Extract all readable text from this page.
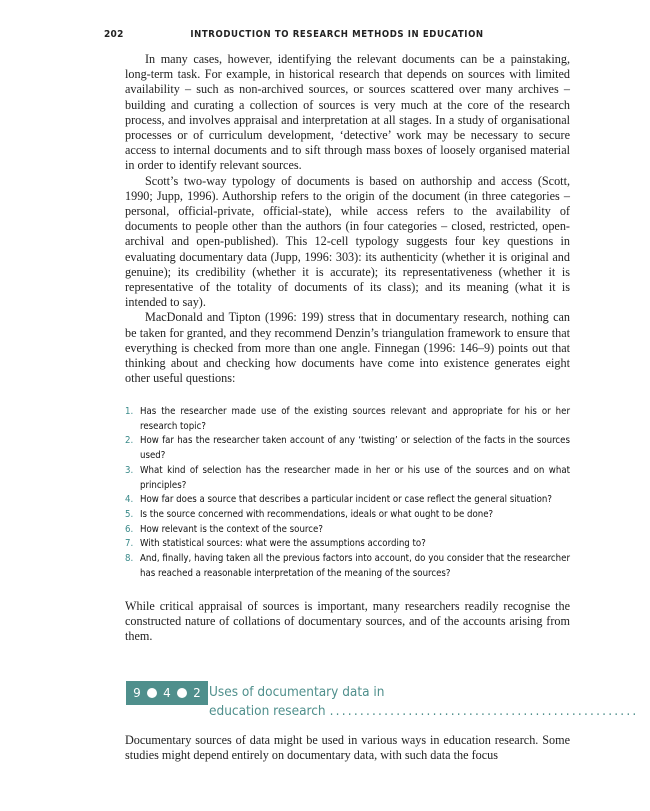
202	INTRODUCTION TO RESEARCH METHODS IN EDUCATION

In many cases, however, identifying the relevant documents can be a painstaking, long-term task. For example, in historical research that depends on sources with limited availability – such as non-archived sources, or sources scattered over many archives – building and curating a collection of sources is very much at the core of the research process, and involves appraisal and interpretation at all stages. In a study of organisational processes or of curriculum development, ‘detective’ work may be necessary to secure access to internal documents and to sift through mass boxes of loosely organised material in order to identify relevant sources.

Scott’s two-way typology of documents is based on authorship and access (Scott, 1990; Jupp, 1996). Authorship refers to the origin of the document (in three categories – personal, official-private, official-state), while access refers to the availability of documents to people other than the authors (in four categories – closed, restricted, open-archival and open-published). This 12-cell typology suggests four key questions in evaluating documentary data (Jupp, 1996: 303): its authenticity (whether it is original and genuine); its credibility (whether it is accurate); its representativeness (whether it is representative of the totality of documents of its class); and its meaning (what it is intended to say).

MacDonald and Tipton (1996: 199) stress that in documentary research, nothing can be taken for granted, and they recommend Denzin’s triangulation framework to ensure that everything is checked from more than one angle. Finnegan (1996: 146–9) points out that thinking about and checking how documents have come into existence generates eight other useful questions:

1. Has the researcher made use of the existing sources relevant and appropriate for his or her research topic?
2. How far has the researcher taken account of any ‘twisting’ or selection of the facts in the sources used?
3. What kind of selection has the researcher made in her or his use of the sources and on what principles?
4. How far does a source that describes a particular incident or case reflect the general situation?
5. Is the source concerned with recommendations, ideals or what ought to be done?
6. How relevant is the context of the source?
7. With statistical sources: what were the assumptions according to?
8. And, finally, having taken all the previous factors into account, do you consider that the researcher has reached a reasonable interpretation of the meaning of the sources?

While critical appraisal of sources is important, many researchers readily recognise the constructed nature of collations of documentary sources, and of the accounts arising from them.

9	4	2 Uses of documentary data in
education research ...................................................

Documentary sources of data might be used in various ways in education research. Some studies might depend entirely on documentary data, with such data the focus
